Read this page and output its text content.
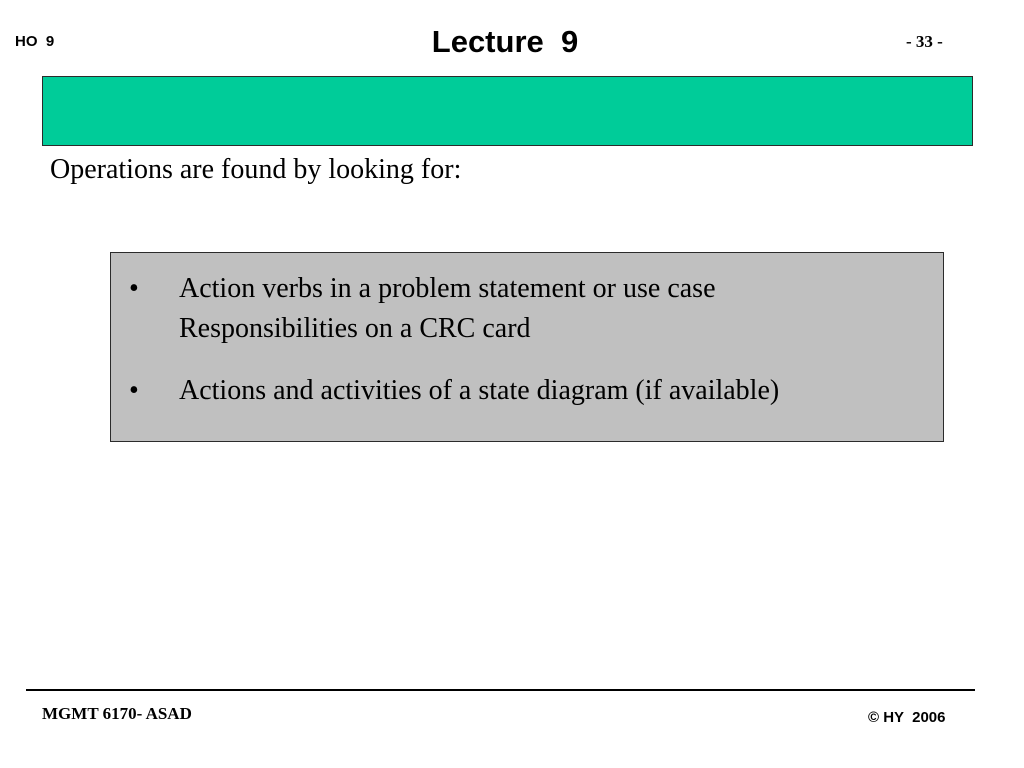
HO  9	Lecture  9	- 33 -
Operations are found by looking for:
•	Action verbs in a problem statement or use case
Responsibilities on a CRC card
•	Actions and activities of a state diagram (if available)
MGMT 6170- ASAD	© HY  2006
